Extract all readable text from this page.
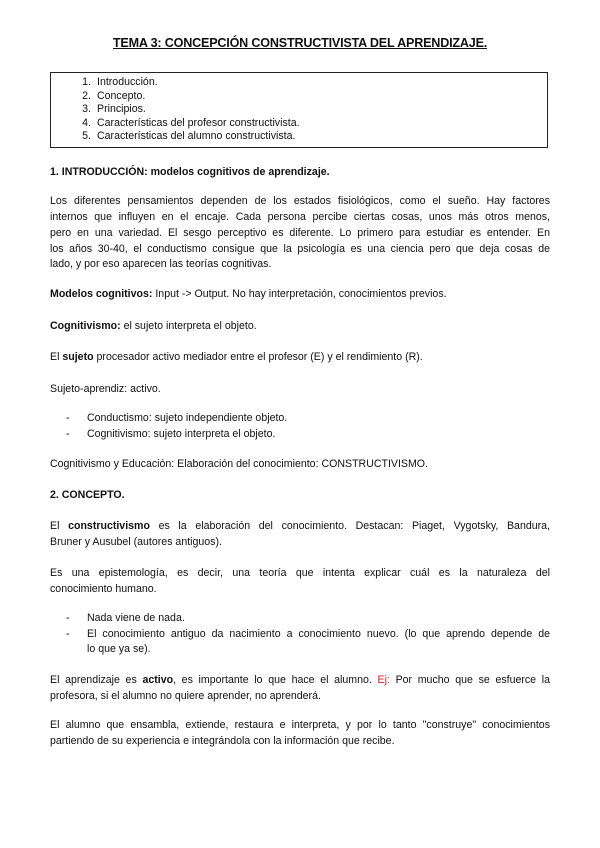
TEMA 3: CONCEPCIÓN CONSTRUCTIVISTA DEL APRENDIZAJE.
1. Introducción.
2. Concepto.
3. Principios.
4. Características del profesor constructivista.
5. Características del alumno constructivista.
1. INTRODUCCIÓN: modelos cognitivos de aprendizaje.
Los diferentes pensamientos dependen de los estados fisiológicos, como el sueño. Hay factores
internos que influyen en el encaje. Cada persona percibe ciertas cosas, unos más otros menos,
pero en una variedad. El sesgo perceptivo es diferente. Lo primero para estudiar es entender. En
los años 30-40, el conductismo consigue que la psicología es una ciencia pero que deja cosas de
lado, y por eso aparecen las teorías cognitivas.
Modelos cognitivos: Input -> Output. No hay interpretación, conocimientos previos.
Cognitivismo: el sujeto interpreta el objeto.
El sujeto procesador activo mediador entre el profesor (E) y el rendimiento (R).
Sujeto-aprendiz: activo.
-	Conductismo: sujeto independiente objeto.
-	Cognitivismo: sujeto interpreta el objeto.
Cognitivismo y Educación: Elaboración del conocimiento: CONSTRUCTIVISMO.
2. CONCEPTO.
El constructivismo es la elaboración del conocimiento. Destacan: Piaget, Vygotsky, Bandura,
Bruner y Ausubel (autores antiguos).
Es una epistemología, es decir, una teoría que intenta explicar cuál es la naturaleza del
conocimiento humano.
-	Nada viene de nada.
-	El conocimiento antiguo da nacimiento a conocimiento nuevo. (lo que aprendo depende de
lo que ya se).
El aprendizaje es activo, es importante lo que hace el alumno. Ej: Por mucho que se esfuerce la
profesora, si el alumno no quiere aprender, no aprenderá.
El alumno que ensambla, extiende, restaura e interpreta, y por lo tanto "construye" conocimientos
partiendo de su experiencia e integrándola con la información que recibe.
